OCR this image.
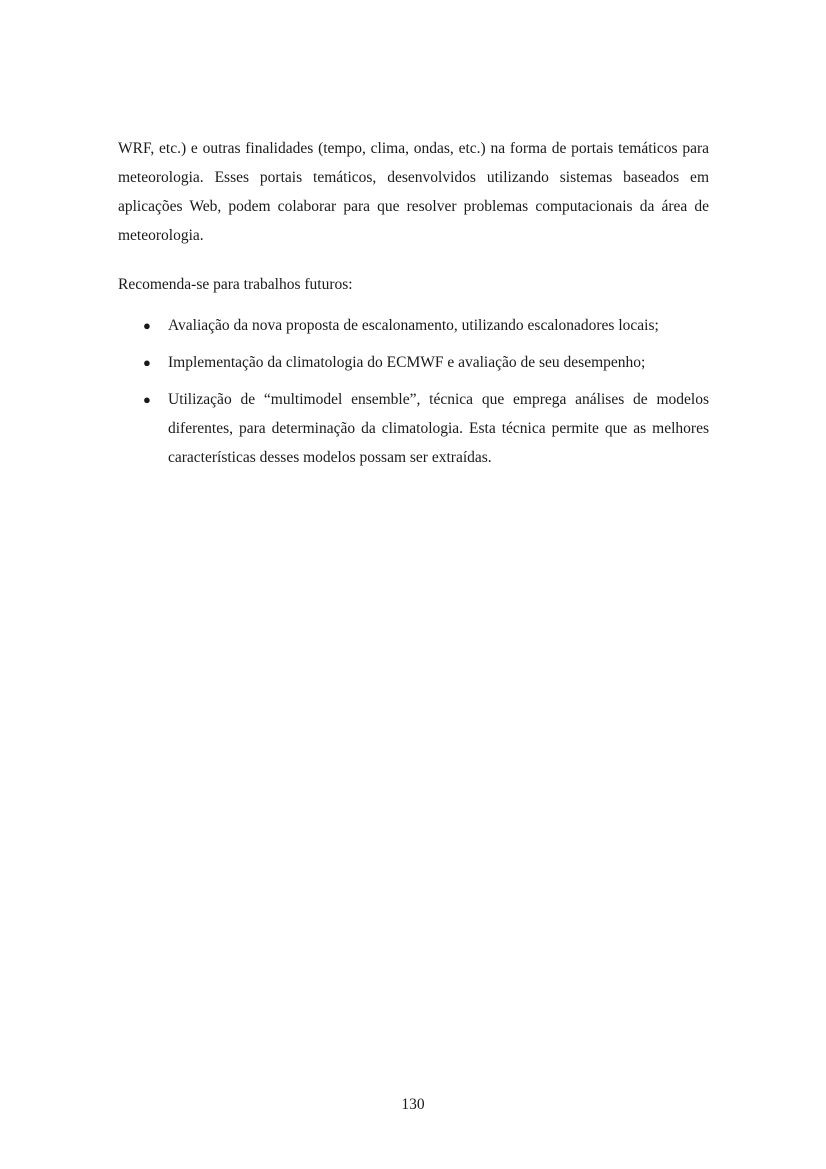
WRF, etc.) e outras finalidades (tempo, clima, ondas, etc.) na forma de portais temáticos para meteorologia. Esses portais temáticos, desenvolvidos utilizando sistemas baseados em aplicações Web, podem colaborar para que resolver problemas computacionais da área de meteorologia.

Recomenda-se para trabalhos futuros:

● Avaliação da nova proposta de escalonamento, utilizando escalonadores locais;
● Implementação da climatologia do ECMWF e avaliação de seu desempenho;
● Utilização de “multimodel ensemble”, técnica que emprega análises de modelos diferentes, para determinação da climatologia. Esta técnica permite que as melhores características desses modelos possam ser extraídas.
130
